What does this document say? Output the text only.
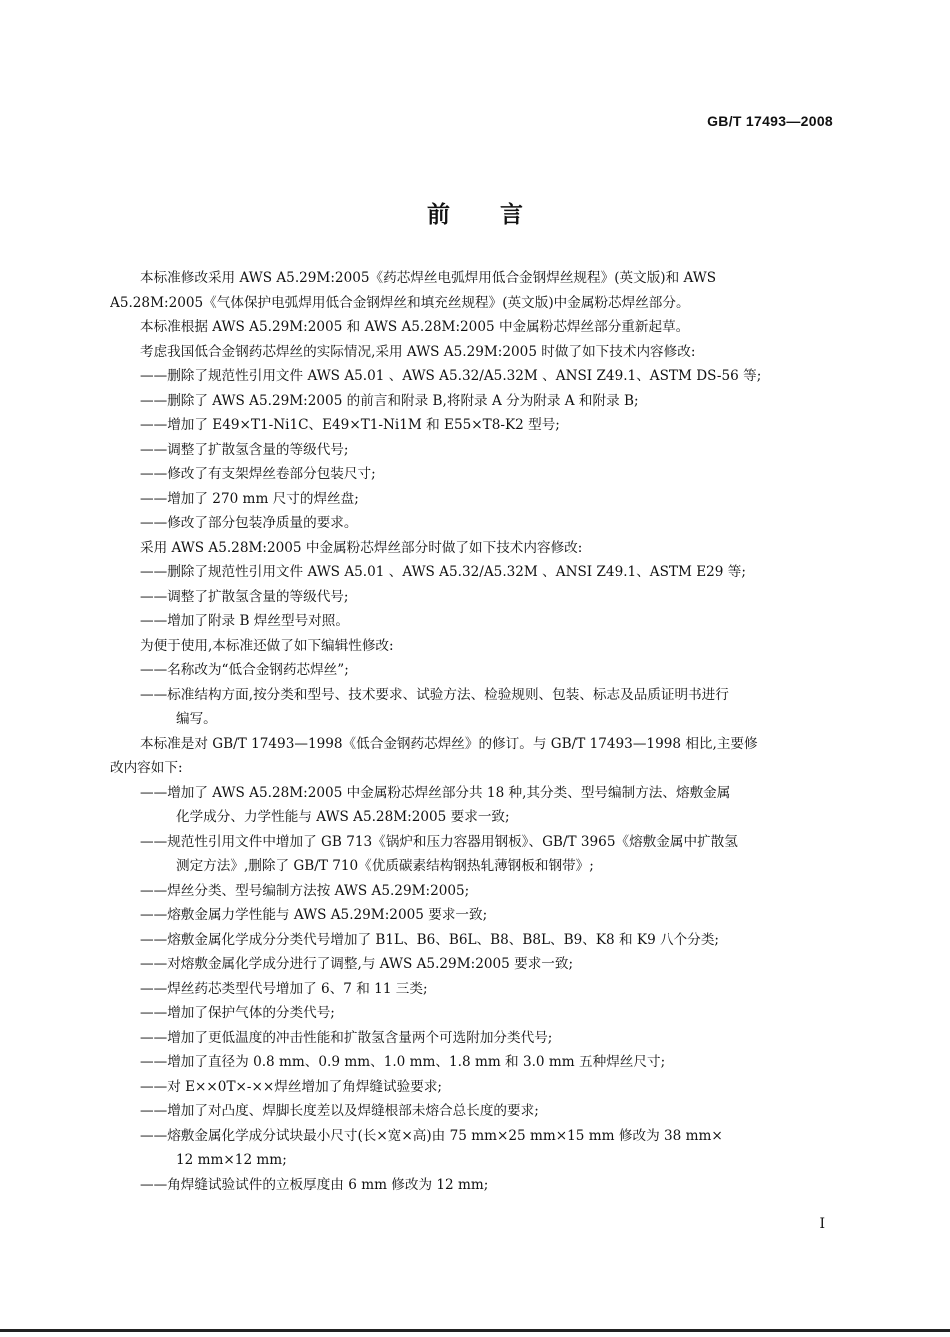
GB/T 17493—2008
前 言
本标准修改采用 AWS A5.29M:2005《药芯焊丝电弧焊用低合金钢焊丝规程》(英文版)和 AWS
A5.28M:2005《气体保护电弧焊用低合金钢焊丝和填充丝规程》(英文版)中金属粉芯焊丝部分。
本标准根据 AWS A5.29M:2005 和 AWS A5.28M:2005 中金属粉芯焊丝部分重新起草。
考虑我国低合金钢药芯焊丝的实际情况,采用 AWS A5.29M:2005 时做了如下技术内容修改:
——删除了规范性引用文件 AWS A5.01 、AWS A5.32/A5.32M 、ANSI Z49.1、ASTM DS-56 等;
——删除了 AWS A5.29M:2005 的前言和附录 B,将附录 A 分为附录 A 和附录 B;
——增加了 E49×T1-Ni1C、E49×T1-Ni1M 和 E55×T8-K2 型号;
——调整了扩散氢含量的等级代号;
——修改了有支架焊丝卷部分包装尺寸;
——增加了 270 mm 尺寸的焊丝盘;
——修改了部分包装净质量的要求。
采用 AWS A5.28M:2005 中金属粉芯焊丝部分时做了如下技术内容修改:
——删除了规范性引用文件 AWS A5.01 、AWS A5.32/A5.32M 、ANSI Z49.1、ASTM E29 等;
——调整了扩散氢含量的等级代号;
——增加了附录 B 焊丝型号对照。
为便于使用,本标准还做了如下编辑性修改:
——名称改为“低合金钢药芯焊丝”;
——标准结构方面,按分类和型号、技术要求、试验方法、检验规则、包装、标志及品质证明书进行
编写。
本标准是对 GB/T 17493—1998《低合金钢药芯焊丝》的修订。与 GB/T 17493—1998 相比,主要修
改内容如下:
——增加了 AWS A5.28M:2005 中金属粉芯焊丝部分共 18 种,其分类、型号编制方法、熔敷金属
化学成分、力学性能与 AWS A5.28M:2005 要求一致;
——规范性引用文件中增加了 GB 713《锅炉和压力容器用钢板》、GB/T 3965《熔敷金属中扩散氢
测定方法》,删除了 GB/T 710《优质碳素结构钢热轧薄钢板和钢带》;
——焊丝分类、型号编制方法按 AWS A5.29M:2005;
——熔敷金属力学性能与 AWS A5.29M:2005 要求一致;
——熔敷金属化学成分分类代号增加了 B1L、B6、B6L、B8、B8L、B9、K8 和 K9 八个分类;
——对熔敷金属化学成分进行了调整,与 AWS A5.29M:2005 要求一致;
——焊丝药芯类型代号增加了 6、7 和 11 三类;
——增加了保护气体的分类代号;
——增加了更低温度的冲击性能和扩散氢含量两个可选附加分类代号;
——增加了直径为 0.8 mm、0.9 mm、1.0 mm、1.8 mm 和 3.0 mm 五种焊丝尺寸;
——对 E××0T×-××焊丝增加了角焊缝试验要求;
——增加了对凸度、焊脚长度差以及焊缝根部未熔合总长度的要求;
——熔敷金属化学成分试块最小尺寸(长×宽×高)由 75 mm×25 mm×15 mm 修改为 38 mm×
12 mm×12 mm;
——角焊缝试验试件的立板厚度由 6 mm 修改为 12 mm;
I
